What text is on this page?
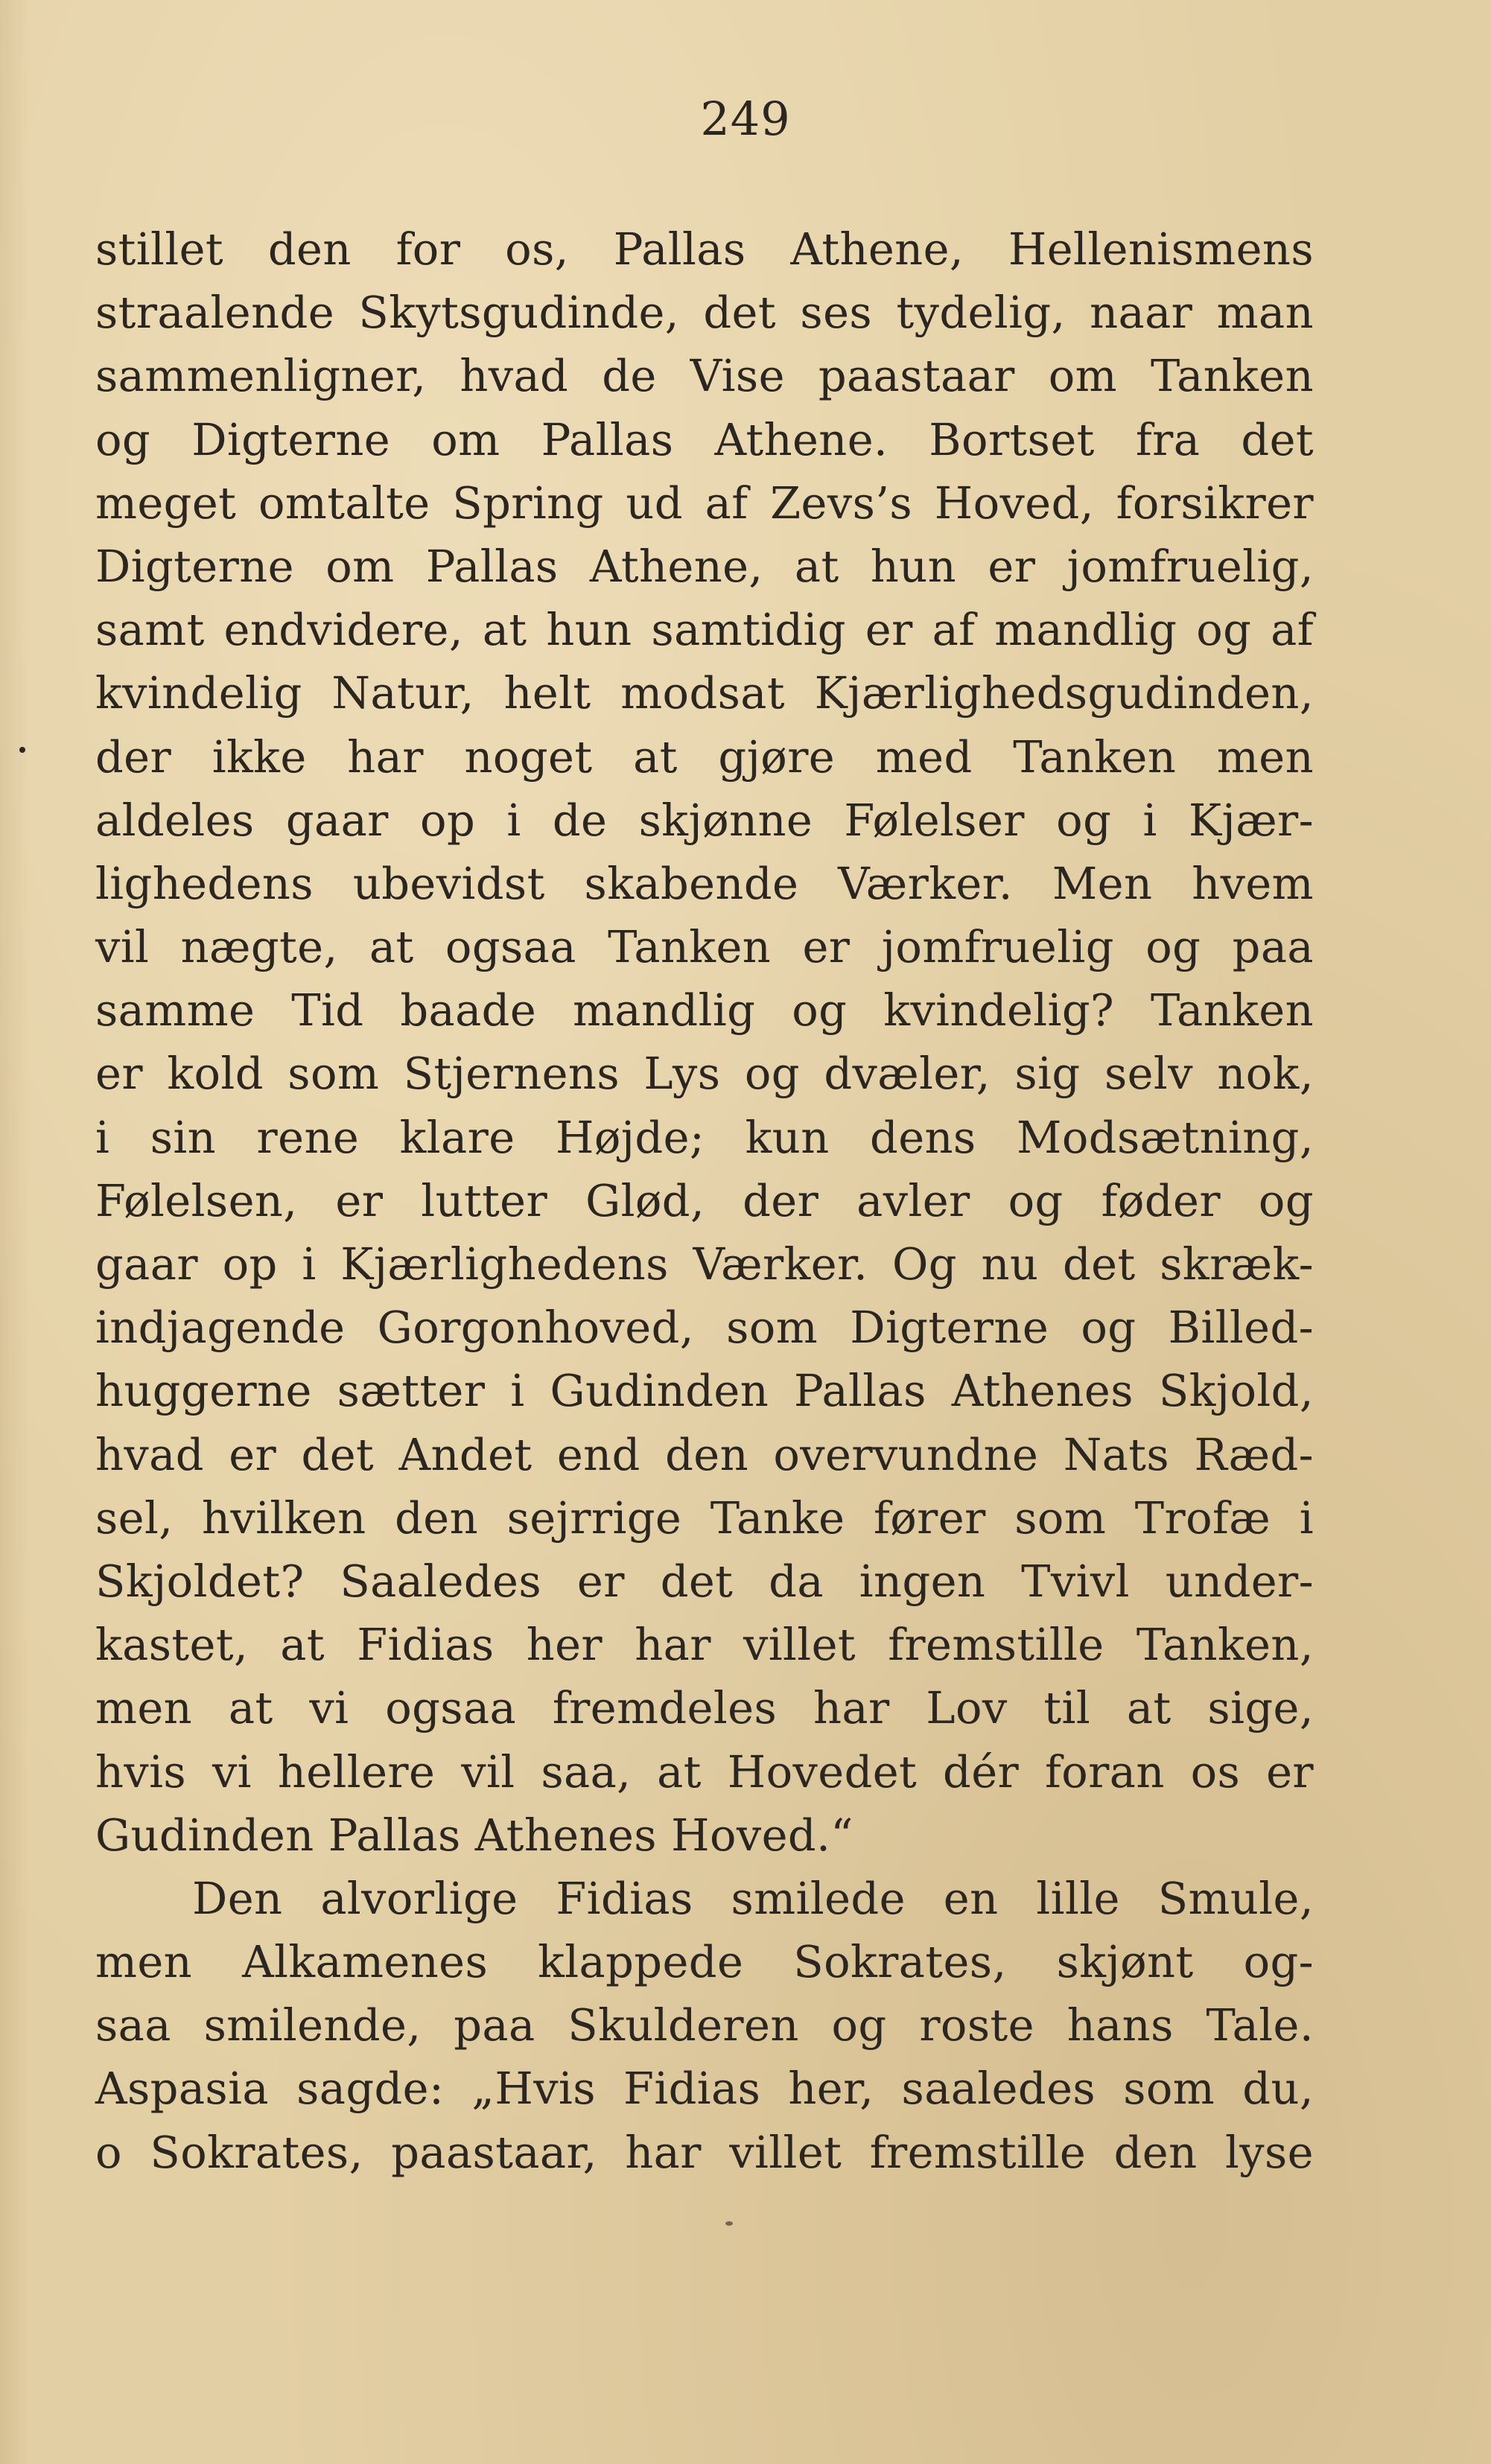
249
stillet den for os, Pallas Athene, Hellenismens
straalende Skytsgudinde, det ses tydelig, naar man
sammenligner, hvad de Vise paastaar om Tanken
og Digterne om Pallas Athene. Bortset fra det
meget omtalte Spring ud af Zevs’s Hoved, forsikrer
Digterne om Pallas Athene, at hun er jomfruelig,
samt endvidere, at hun samtidig er af mandlig og af
kvindelig Natur, helt modsat Kjærlighedsgudinden,
der ikke har noget at gjøre med Tanken men
aldeles gaar op i de skjønne Følelser og i Kjær-
lighedens ubevidst skabende Værker. Men hvem
vil nægte, at ogsaa Tanken er jomfruelig og paa
samme Tid baade mandlig og kvindelig? Tanken
er kold som Stjernens Lys og dvæler, sig selv nok,
i sin rene klare Højde; kun dens Modsætning,
Følelsen, er lutter Glød, der avler og føder og
gaar op i Kjærlighedens Værker. Og nu det skræk-
indjagende Gorgonhoved, som Digterne og Billed-
huggerne sætter i Gudinden Pallas Athenes Skjold,
hvad er det Andet end den overvundne Nats Ræd-
sel, hvilken den sejrrige Tanke fører som Trofæ i
Skjoldet? Saaledes er det da ingen Tvivl under-
kastet, at Fidias her har villet fremstille Tanken,
men at vi ogsaa fremdeles har Lov til at sige,
hvis vi hellere vil saa, at Hovedet dér foran os er
Gudinden Pallas Athenes Hoved.“
Den alvorlige Fidias smilede en lille Smule,
men Alkamenes klappede Sokrates, skjønt og-
saa smilende, paa Skulderen og roste hans Tale.
Aspasia sagde: „Hvis Fidias her, saaledes som du,
o Sokrates, paastaar, har villet fremstille den lyse
